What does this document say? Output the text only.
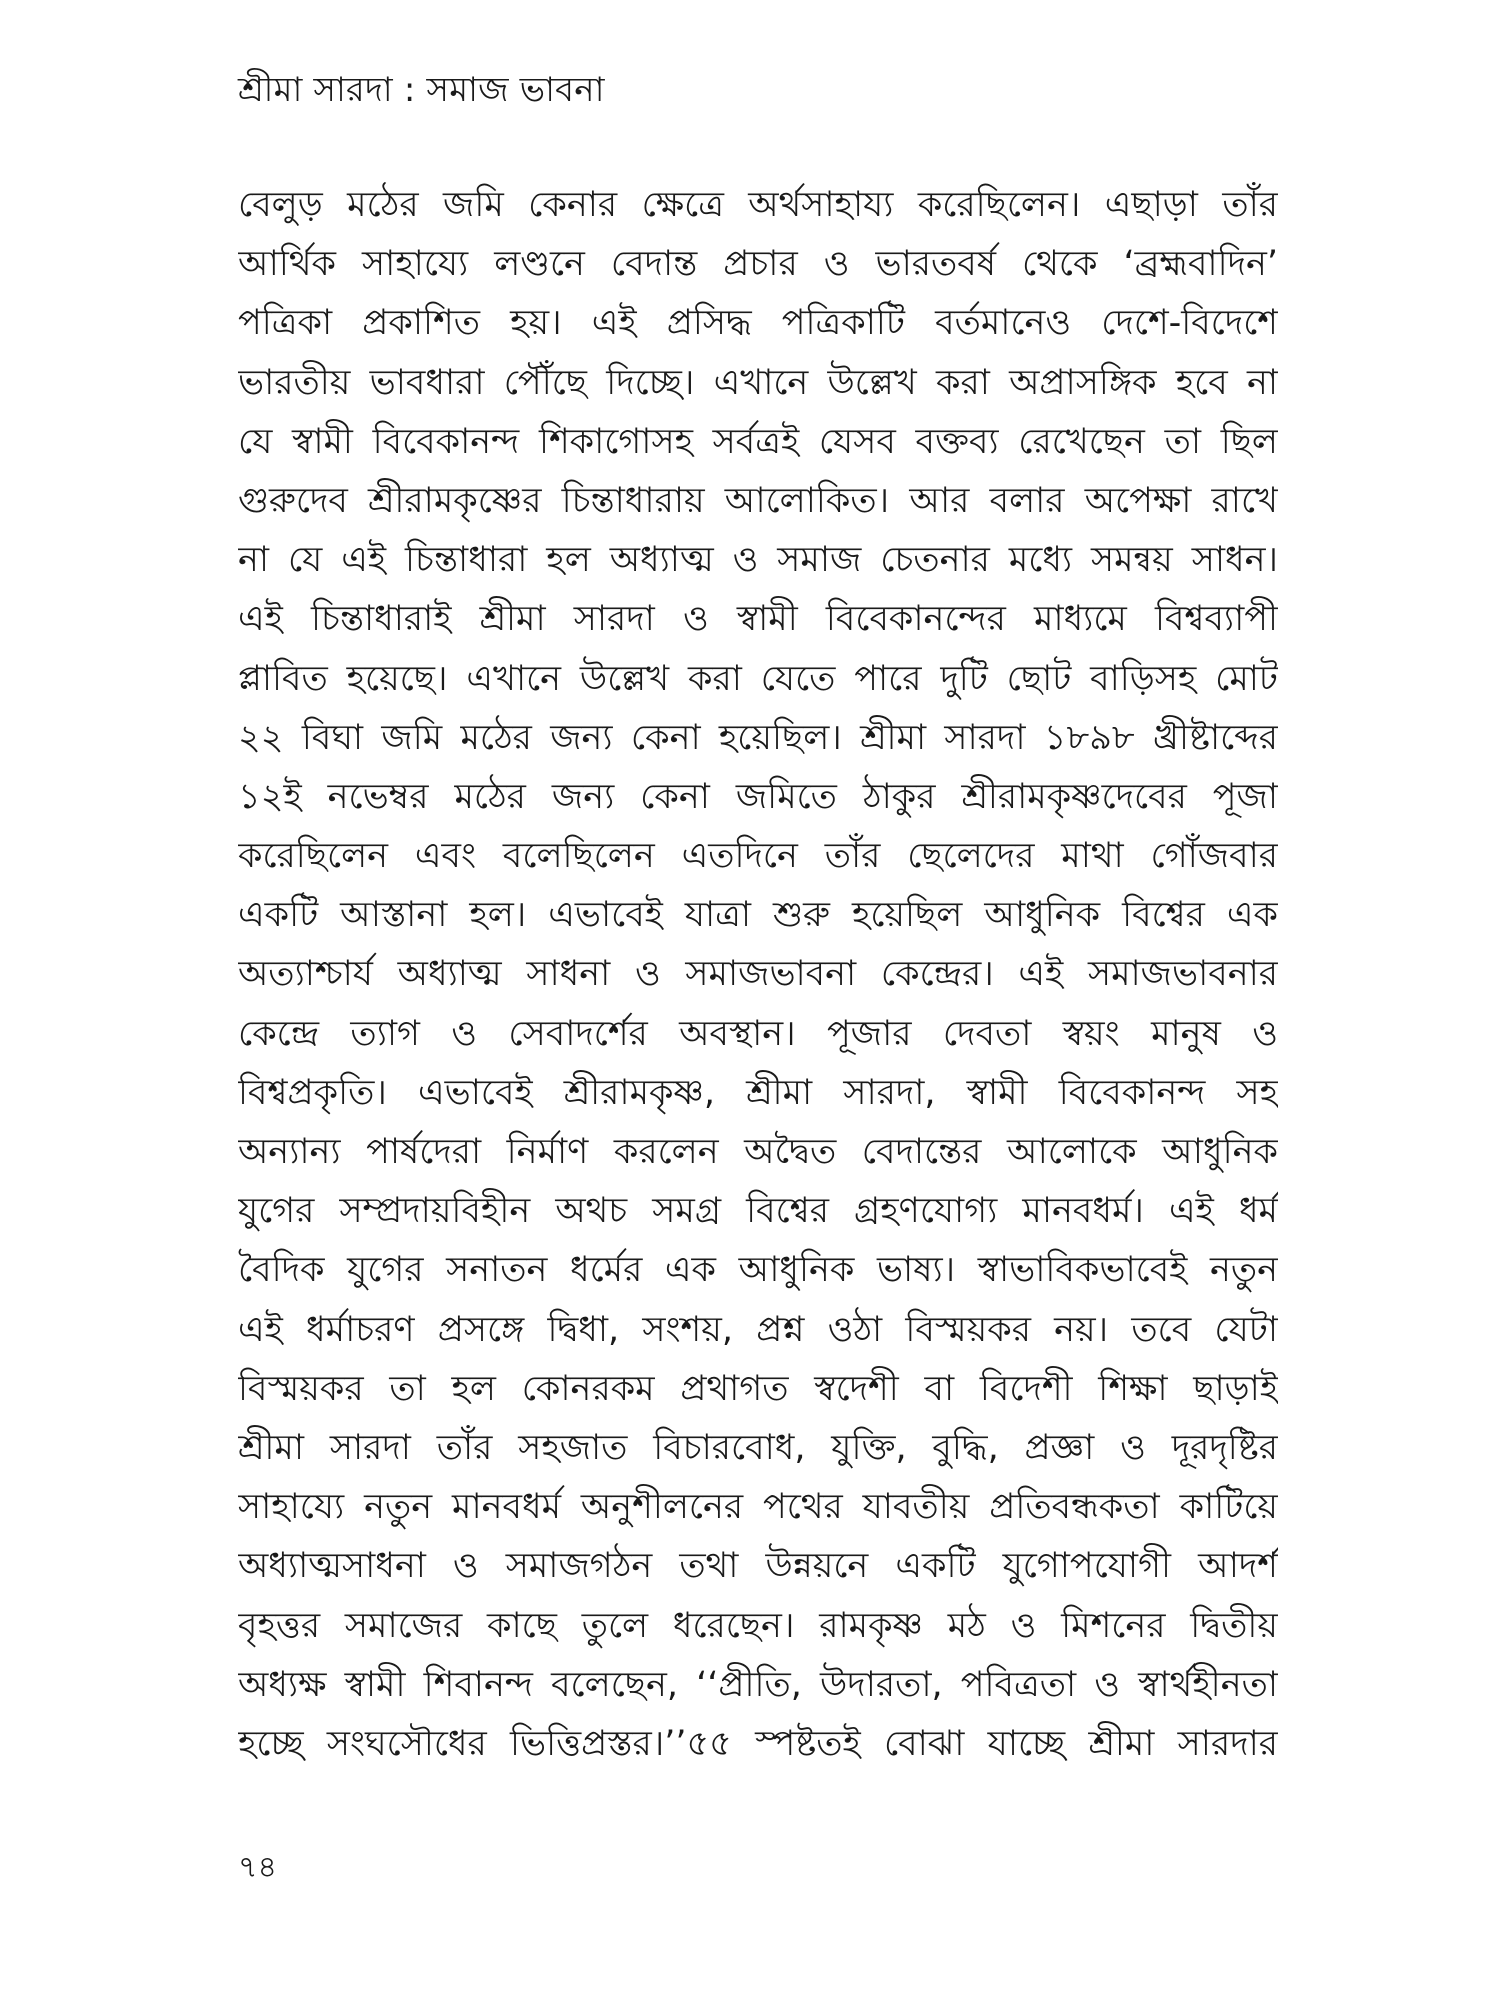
শ্রীমা সারদা : সমাজ ভাবনা
বেলুড় মঠের জমি কেনার ক্ষেত্রে অর্থসাহায্য করেছিলেন। এছাড়া তাঁর
আর্থিক সাহায্যে লণ্ডনে বেদান্ত প্রচার ও ভারতবর্ষ থেকে ‘ব্রহ্মবাদিন’
পত্রিকা প্রকাশিত হয়। এই প্রসিদ্ধ পত্রিকাটি বর্তমানেও দেশে-বিদেশে
ভারতীয় ভাবধারা পৌঁছে দিচ্ছে। এখানে উল্লেখ করা অপ্রাসঙ্গিক হবে না
যে স্বামী বিবেকানন্দ শিকাগোসহ সর্বত্রই যেসব বক্তব্য রেখেছেন তা ছিল
গুরুদেব শ্রীরামকৃষ্ণের চিন্তাধারায় আলোকিত। আর বলার অপেক্ষা রাখে
না যে এই চিন্তাধারা হল অধ্যাত্ম ও সমাজ চেতনার মধ্যে সমন্বয় সাধন।
এই চিন্তাধারাই শ্রীমা সারদা ও স্বামী বিবেকানন্দের মাধ্যমে বিশ্বব্যাপী
প্লাবিত হয়েছে। এখানে উল্লেখ করা যেতে পারে দুটি ছোট বাড়িসহ মোট
২২ বিঘা জমি মঠের জন্য কেনা হয়েছিল। শ্রীমা সারদা ১৮৯৮ খ্রীষ্টাব্দের
১২ই নভেম্বর মঠের জন্য কেনা জমিতে ঠাকুর শ্রীরামকৃষ্ণদেবের পূজা
করেছিলেন এবং বলেছিলেন এতদিনে তাঁর ছেলেদের মাথা গোঁজবার
একটি আস্তানা হল। এভাবেই যাত্রা শুরু হয়েছিল আধুনিক বিশ্বের এক
অত্যাশ্চার্য অধ্যাত্ম সাধনা ও সমাজভাবনা কেন্দ্রের। এই সমাজভাবনার
কেন্দ্রে ত্যাগ ও সেবাদর্শের অবস্থান। পূজার দেবতা স্বয়ং মানুষ ও
বিশ্বপ্রকৃতি। এভাবেই শ্রীরামকৃষ্ণ, শ্রীমা সারদা, স্বামী বিবেকানন্দ সহ
অন্যান্য পার্ষদেরা নির্মাণ করলেন অদ্বৈত বেদান্তের আলোকে আধুনিক
যুগের সম্প্রদায়বিহীন অথচ সমগ্র বিশ্বের গ্রহণযোগ্য মানবধর্ম। এই ধর্ম
বৈদিক যুগের সনাতন ধর্মের এক আধুনিক ভাষ্য। স্বাভাবিকভাবেই নতুন
এই ধর্মাচরণ প্রসঙ্গে দ্বিধা, সংশয়, প্রশ্ন ওঠা বিস্ময়কর নয়। তবে যেটা
বিস্ময়কর তা হল কোনরকম প্রথাগত স্বদেশী বা বিদেশী শিক্ষা ছাড়াই
শ্রীমা সারদা তাঁর সহজাত বিচারবোধ, যুক্তি, বুদ্ধি, প্রজ্ঞা ও দূরদৃষ্টির
সাহায্যে নতুন মানবধর্ম অনুশীলনের পথের যাবতীয় প্রতিবন্ধকতা কাটিয়ে
অধ্যাত্মসাধনা ও সমাজগঠন তথা উন্নয়নে একটি যুগোপযোগী আদর্শ
বৃহত্তর সমাজের কাছে তুলে ধরেছেন। রামকৃষ্ণ মঠ ও মিশনের দ্বিতীয়
অধ্যক্ষ স্বামী শিবানন্দ বলেছেন, ‘‘প্রীতি, উদারতা, পবিত্রতা ও স্বার্থহীনতা
হচ্ছে সংঘসৌধের ভিত্তিপ্রস্তর।’’৫৫ স্পষ্টতই বোঝা যাচ্ছে শ্রীমা সারদার
৭৪
